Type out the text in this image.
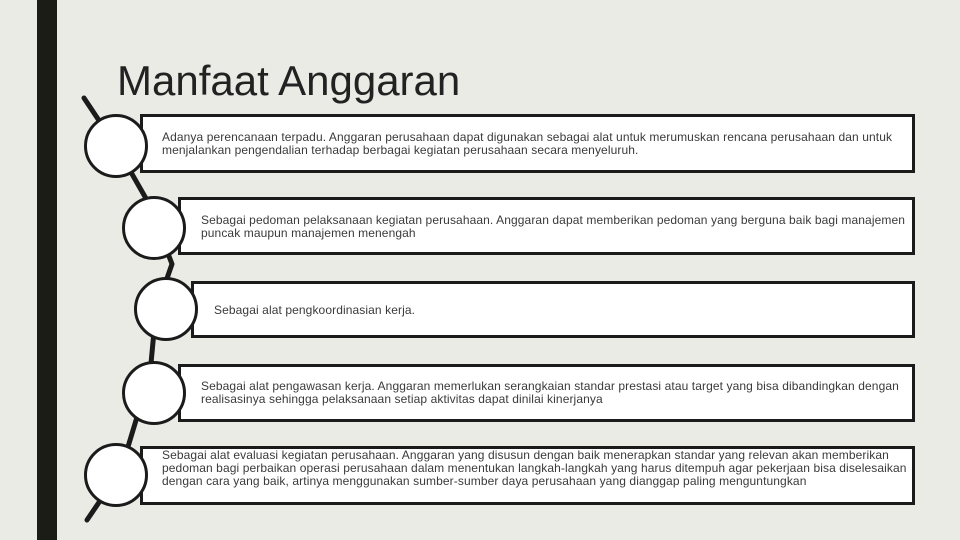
Manfaat Anggaran

Adanya perencanaan terpadu. Anggaran perusahaan dapat digunakan sebagai alat untuk merumuskan rencana perusahaan dan untuk menjalankan pengendalian terhadap berbagai kegiatan perusahaan secara menyeluruh.

Sebagai pedoman pelaksanaan kegiatan perusahaan. Anggaran dapat memberikan pedoman yang berguna baik bagi manajemen puncak maupun manajemen menengah

Sebagai alat pengkoordinasian kerja.

Sebagai alat pengawasan kerja. Anggaran memerlukan serangkaian standar prestasi atau target yang bisa dibandingkan dengan realisasinya sehingga pelaksanaan setiap aktivitas dapat dinilai kinerjanya

Sebagai alat evaluasi kegiatan perusahaan. Anggaran yang disusun dengan baik menerapkan standar yang relevan akan memberikan pedoman bagi perbaikan operasi perusahaan dalam menentukan langkah-langkah yang harus ditempuh agar pekerjaan bisa diselesaikan dengan cara yang baik, artinya menggunakan sumber-sumber daya perusahaan yang dianggap paling menguntungkan
